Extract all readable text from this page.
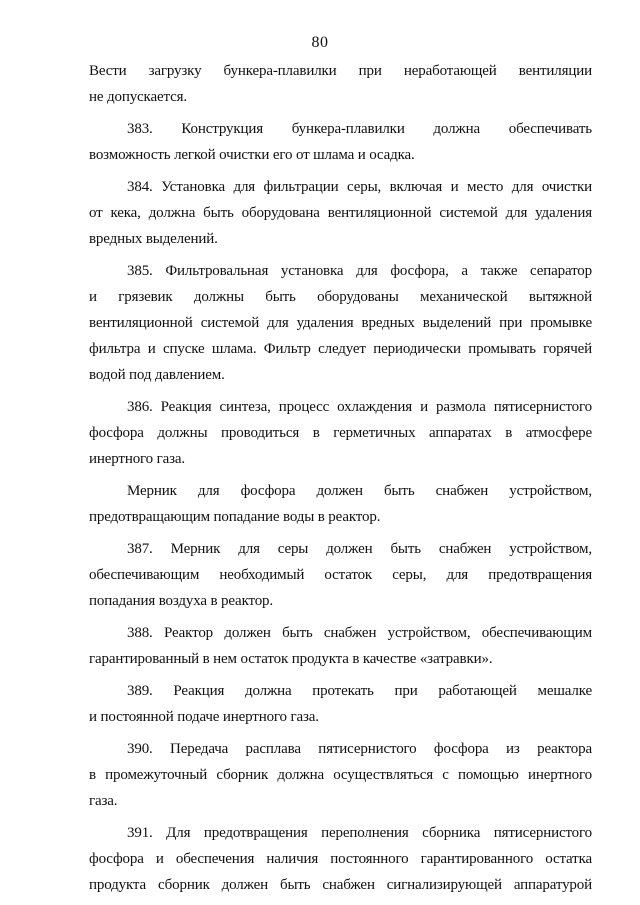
80
Вести загрузку бункера-плавилки при неработающей вентиляции
не допускается.
383. Конструкция бункера-плавилки должна обеспечивать
возможность легкой очистки его от шлама и осадка.
384. Установка для фильтрации серы, включая и место для очистки
от кека, должна быть оборудована вентиляционной системой для удаления
вредных выделений.
385. Фильтровальная установка для фосфора, а также сепаратор
и грязевик должны быть оборудованы механической вытяжной
вентиляционной системой для удаления вредных выделений при промывке
фильтра и спуске шлама. Фильтр следует периодически промывать горячей
водой под давлением.
386. Реакция синтеза, процесс охлаждения и размола пятисернистого
фосфора должны проводиться в герметичных аппаратах в атмосфере
инертного газа.
Мерник для фосфора должен быть снабжен устройством,
предотвращающим попадание воды в реактор.
387. Мерник для серы должен быть снабжен устройством,
обеспечивающим необходимый остаток серы, для предотвращения
попадания воздуха в реактор.
388. Реактор должен быть снабжен устройством, обеспечивающим
гарантированный в нем остаток продукта в качестве «затравки».
389. Реакция должна протекать при работающей мешалке
и постоянной подаче инертного газа.
390. Передача расплава пятисернистого фосфора из реактора
в промежуточный сборник должна осуществляться с помощью инертного
газа.
391. Для предотвращения переполнения сборника пятисернистого
фосфора и обеспечения наличия постоянного гарантированного остатка
продукта сборник должен быть снабжен сигнализирующей аппаратурой
